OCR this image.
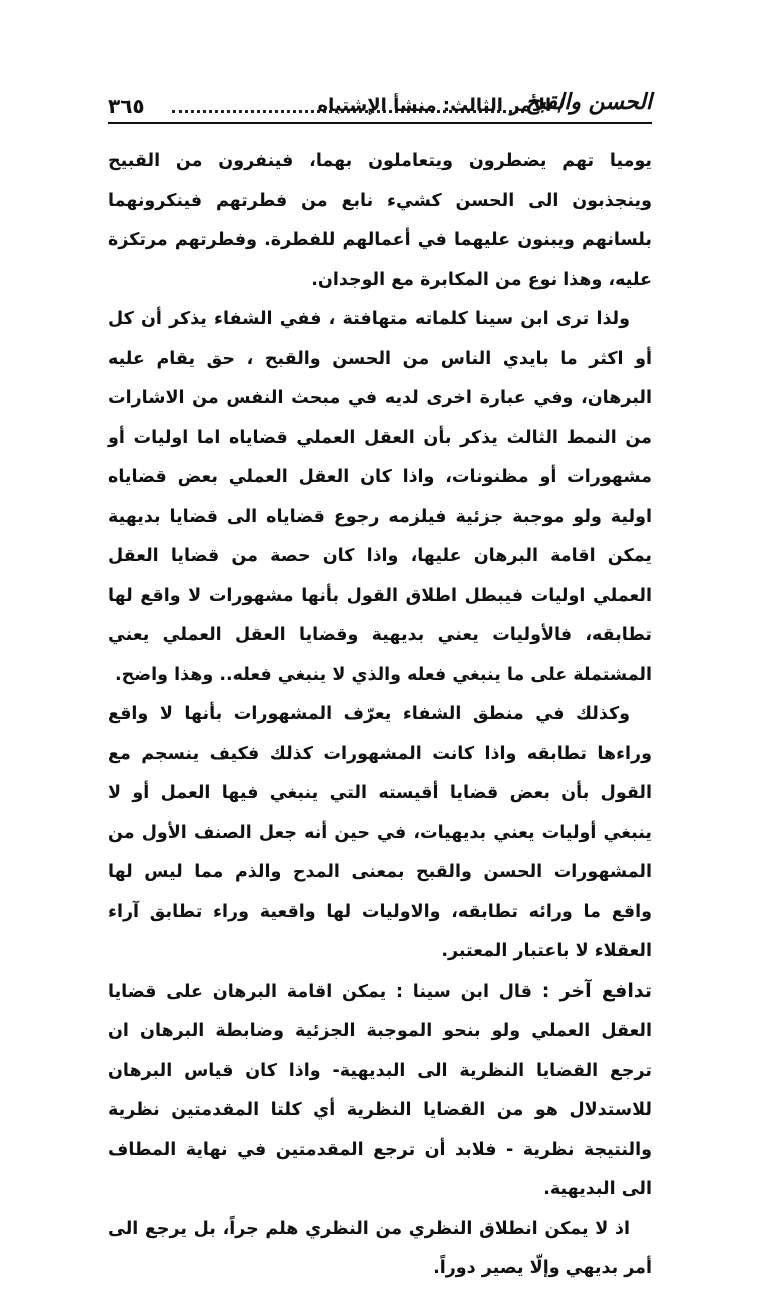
٣٦٥	/ الأمر الثالث: منشأ الإشتباه
الحسن والقبح

يوميا تهم يضطرون ويتعاملون بهما، فينفرون من القبيح وينجذبون الى الحسن كشيء نابع من فطرتهم فينكرونهما بلسانهم ويبنون عليهما في أعمالهم للفطرة. وفطرتهم مرتكزة عليه، وهذا نوع من المكابرة مع الوجدان.

ولذا ترى ابن سينا كلماته متهافتة ، ففي الشفاء يذكر أن كل أو اكثر ما بايدي الناس من الحسن والقبح ، حق يقام عليه البرهان، وفي عبارة اخرى لديه في مبحث النفس من الاشارات من النمط الثالث يذكر بأن العقل العملي قضاياه اما اوليات أو مشهورات أو مظنونات، واذا كان العقل العملي بعض قضاياه اولية ولو موجبة جزئية فيلزمه رجوع قضاياه الى قضايا بديهية يمكن اقامة البرهان عليها، واذا كان حصة من قضايا العقل العملي اوليات فيبطل اطلاق القول بأنها مشهورات لا واقع لها تطابقه، فالأوليات يعني بديهية وقضايا العقل العملي يعني المشتملة على ما ينبغي فعله والذي لا ينبغي فعله.. وهذا واضح.

وكذلك في منطق الشفاء يعرّف المشهورات بأنها لا واقع وراءها تطابقه واذا كانت المشهورات كذلك فكيف ينسجم مع القول بأن بعض قضايا أقيسته التي ينبغي فيها العمل أو لا ينبغي أوليات يعني بديهيات، في حين أنه جعل الصنف الأول من المشهورات الحسن والقبح بمعنى المدح والذم مما ليس لها واقع ما ورائه تطابقه، والاوليات لها واقعية وراء تطابق آراء العقلاء لا باعتبار المعتبر.

تدافع آخر : قال ابن سينا : يمكن اقامة البرهان على قضايا العقل العملي ولو بنحو الموجبة الجزئية وضابطة البرهان ان ترجع القضايا النظرية الى البديهية- واذا كان قياس البرهان للاستدلال هو من القضايا النظرية أي كلتا المقدمتين نظرية والنتيجة نظرية - فلابد أن ترجع المقدمتين في نهاية المطاف الى البديهية.

اذ لا يمكن انطلاق النظري من النظري هلم جراً، بل يرجع الى أمر بديهي وإلّا يصير دوراً.
